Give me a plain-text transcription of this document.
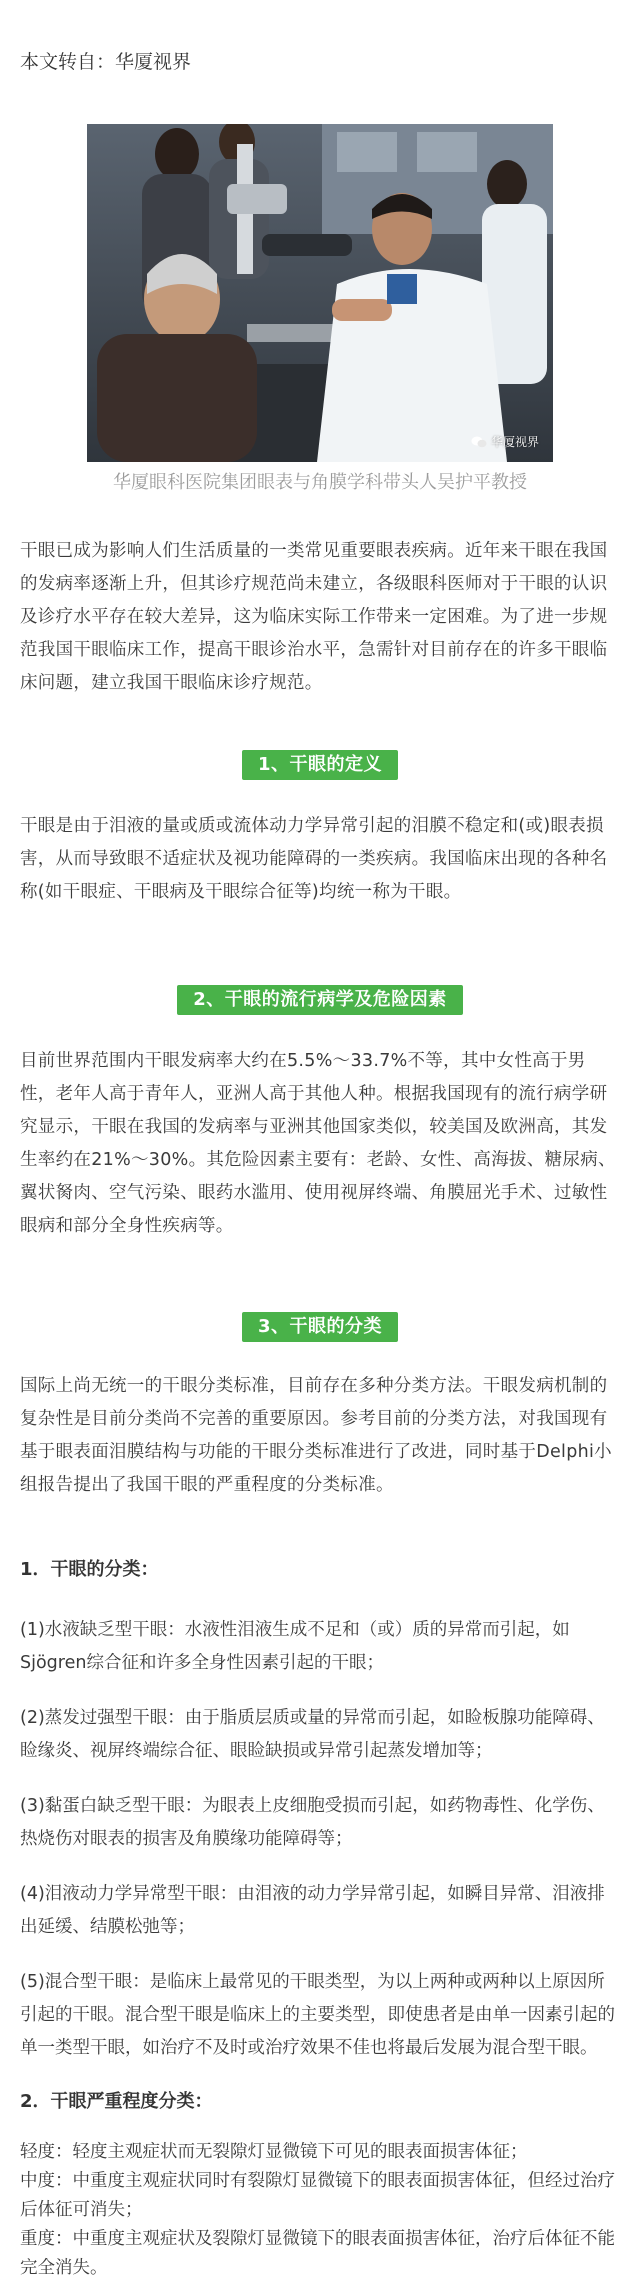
本文转自：华厦视界
华厦视界
华厦眼科医院集团眼表与角膜学科带头人吴护平教授

干眼已成为影响人们生活质量的一类常见重要眼表疾病。近年来干眼在我国的发病率逐渐上升，但其诊疗规范尚未建立，各级眼科医师对于干眼的认识及诊疗水平存在较大差异，这为临床实际工作带来一定困难。为了进一步规范我国干眼临床工作，提高干眼诊治水平，急需针对目前存在的许多干眼临床问题，建立我国干眼临床诊疗规范。

1、干眼的定义

干眼是由于泪液的量或质或流体动力学异常引起的泪膜不稳定和(或)眼表损害，从而导致眼不适症状及视功能障碍的一类疾病。我国临床出现的各种名称(如干眼症、干眼病及干眼综合征等)均统一称为干眼。

2、干眼的流行病学及危险因素

目前世界范围内干眼发病率大约在5.5%～33.7%不等，其中女性高于男性，老年人高于青年人，亚洲人高于其他人种。根据我国现有的流行病学研究显示，干眼在我国的发病率与亚洲其他国家类似，较美国及欧洲高，其发生率约在21%～30%。其危险因素主要有：老龄、女性、高海拔、糖尿病、翼状胬肉、空气污染、眼药水滥用、使用视屏终端、角膜屈光手术、过敏性眼病和部分全身性疾病等。

3、干眼的分类

国际上尚无统一的干眼分类标准，目前存在多种分类方法。干眼发病机制的复杂性是目前分类尚不完善的重要原因。参考目前的分类方法，对我国现有基于眼表面泪膜结构与功能的干眼分类标准进行了改进，同时基于Delphi小组报告提出了我国干眼的严重程度的分类标准。

1．干眼的分类：

(1)水液缺乏型干眼：水液性泪液生成不足和（或）质的异常而引起，如Sjögren综合征和许多全身性因素引起的干眼；

(2)蒸发过强型干眼：由于脂质层质或量的异常而引起，如睑板腺功能障碍、睑缘炎、视屏终端综合征、眼睑缺损或异常引起蒸发增加等；

(3)黏蛋白缺乏型干眼：为眼表上皮细胞受损而引起，如药物毒性、化学伤、热烧伤对眼表的损害及角膜缘功能障碍等；

(4)泪液动力学异常型干眼：由泪液的动力学异常引起，如瞬目异常、泪液排出延缓、结膜松弛等；

(5)混合型干眼：是临床上最常见的干眼类型，为以上两种或两种以上原因所引起的干眼。混合型干眼是临床上的主要类型，即使患者是由单一因素引起的单一类型干眼，如治疗不及时或治疗效果不佳也将最后发展为混合型干眼。

2．干眼严重程度分类：
轻度：轻度主观症状而无裂隙灯显微镜下可见的眼表面损害体征；
中度：中重度主观症状同时有裂隙灯显微镜下的眼表面损害体征，但经过治疗后体征可消失；
重度：中重度主观症状及裂隙灯显微镜下的眼表面损害体征，治疗后体征不能完全消失。
